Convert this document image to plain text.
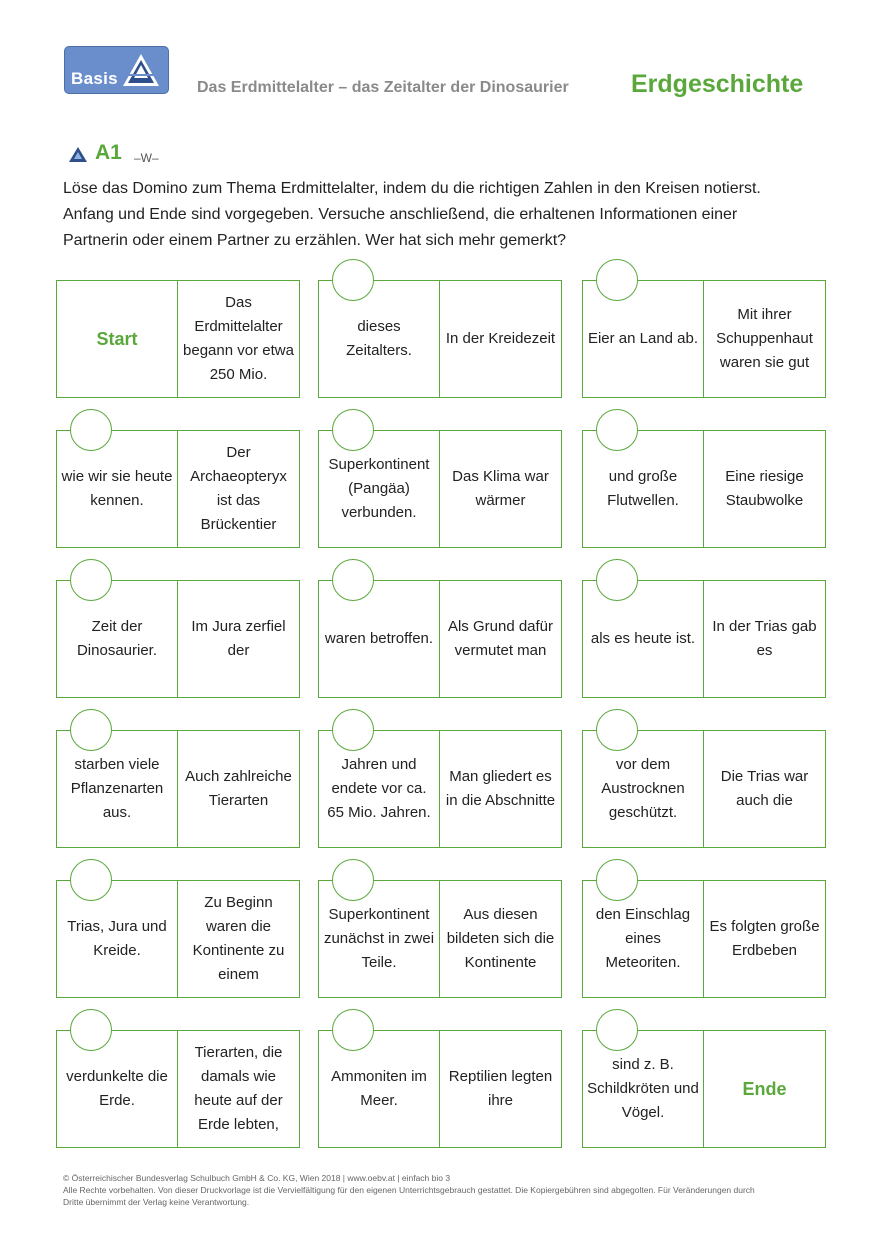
Basis	Das Erdmittelalter – das Zeitalter der Dinosaurier Erdgeschichte
A1 –W–

Löse das Domino zum Thema Erdmittelalter, indem du die richtigen Zahlen in den Kreisen notierst.

Anfang und Ende sind vorgegeben. Versuche anschließend, die erhaltenen Informationen einer

Partnerin oder einem Partner zu erzählen. Wer hat sich mehr gemerkt?

Start
Das Erdmittelalter begann vor etwa 250 Mio.
dieses Zeitalters.
In der Kreidezeit	Eier an Land ab.
Mit ihrer Schuppenhaut waren sie gut
wie wir sie heute kennen.
Der Archaeopteryx ist das Brückentier
Superkontinent (Pangäa) verbunden.
Das Klima war wärmer
und große Flutwellen.
Eine riesige Staubwolke
Zeit der Dinosaurier.
Im Jura zerfiel der
waren betroffen.
Als Grund dafür vermutet man
als es heute ist.
In der Trias gab es
starben viele Pflanzenarten aus.
Auch zahlreiche Tierarten
Jahren und endete vor ca. 65 Mio. Jahren.
Man gliedert es in die Abschnitte
vor dem Austrocknen geschützt.
Die Trias war auch die
Trias, Jura und Kreide.
Zu Beginn waren die Kontinente zu einem
Superkontinent zunächst in zwei Teile.
Aus diesen bildeten sich die Kontinente
den Einschlag eines Meteoriten.
Es folgten große Erdbeben
verdunkelte die Erde.
Tierarten, die damals wie heute auf der Erde lebten,
Ammoniten im Meer.
Reptilien legten ihre
sind z. B. Schildkröten und Vögel.
Ende

© Österreichischer Bundesverlag Schulbuch GmbH & Co. KG, Wien 2018 | www.oebv.at | einfach bio 3

Alle Rechte vorbehalten. Von dieser Druckvorlage ist die Vervielfältigung für den eigenen Unterrichtsgebrauch gestattet. Die Kopiergebühren sind abgegolten. Für Veränderungen durch

Dritte übernimmt der Verlag keine Verantwortung.
